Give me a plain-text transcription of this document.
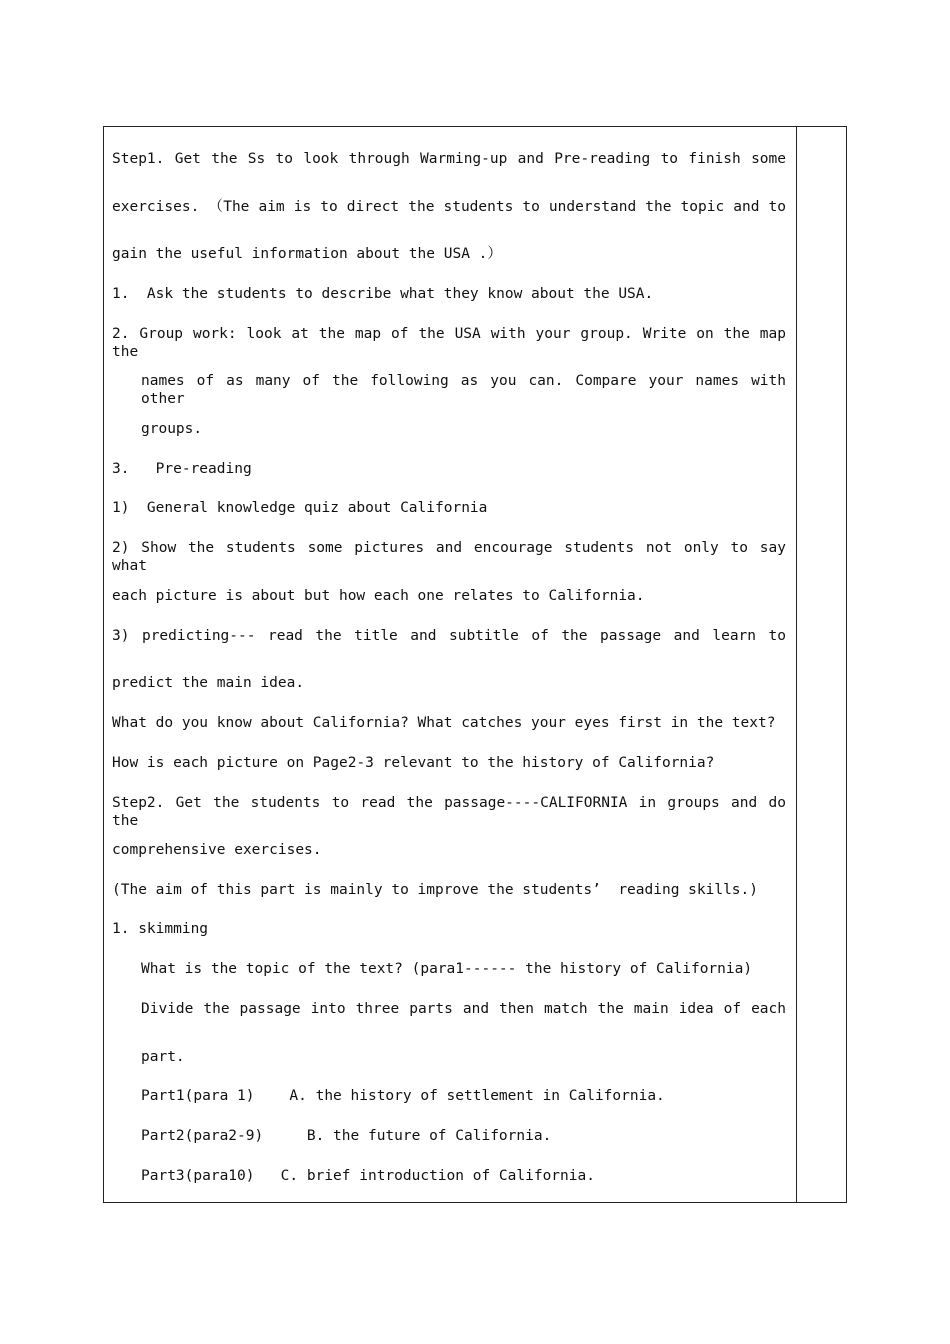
Step1. Get the Ss to look through Warming-up and Pre-reading to finish some
exercises. （The aim is to direct the students to understand the topic and to
gain the useful information about the USA .）
1.  Ask the students to describe what they know about the USA.
2. Group work: look at the map of the USA with your group. Write on the map the
names of as many of the following as you can. Compare your names with other
groups.
3.   Pre-reading
1)  General knowledge quiz about California
2) Show the students some pictures and encourage students not only to say what
each picture is about but how each one relates to California.
3) predicting--- read the title and subtitle of the passage and learn to
predict the main idea.
What do you know about California? What catches your eyes first in the text?
How is each picture on Page2-3 relevant to the history of California?
Step2. Get the students to read the passage----CALIFORNIA in groups and do the
comprehensive exercises.
(The aim of this part is mainly to improve the students’  reading skills.)
1. skimming
What is the topic of the text? (para1------ the history of California)
Divide the passage into three parts and then match the main idea of each
part.
Part1(para 1)    A. the history of settlement in California.
Part2(para2-9)     B. the future of California.
Part3(para10)   C. brief introduction of California.
